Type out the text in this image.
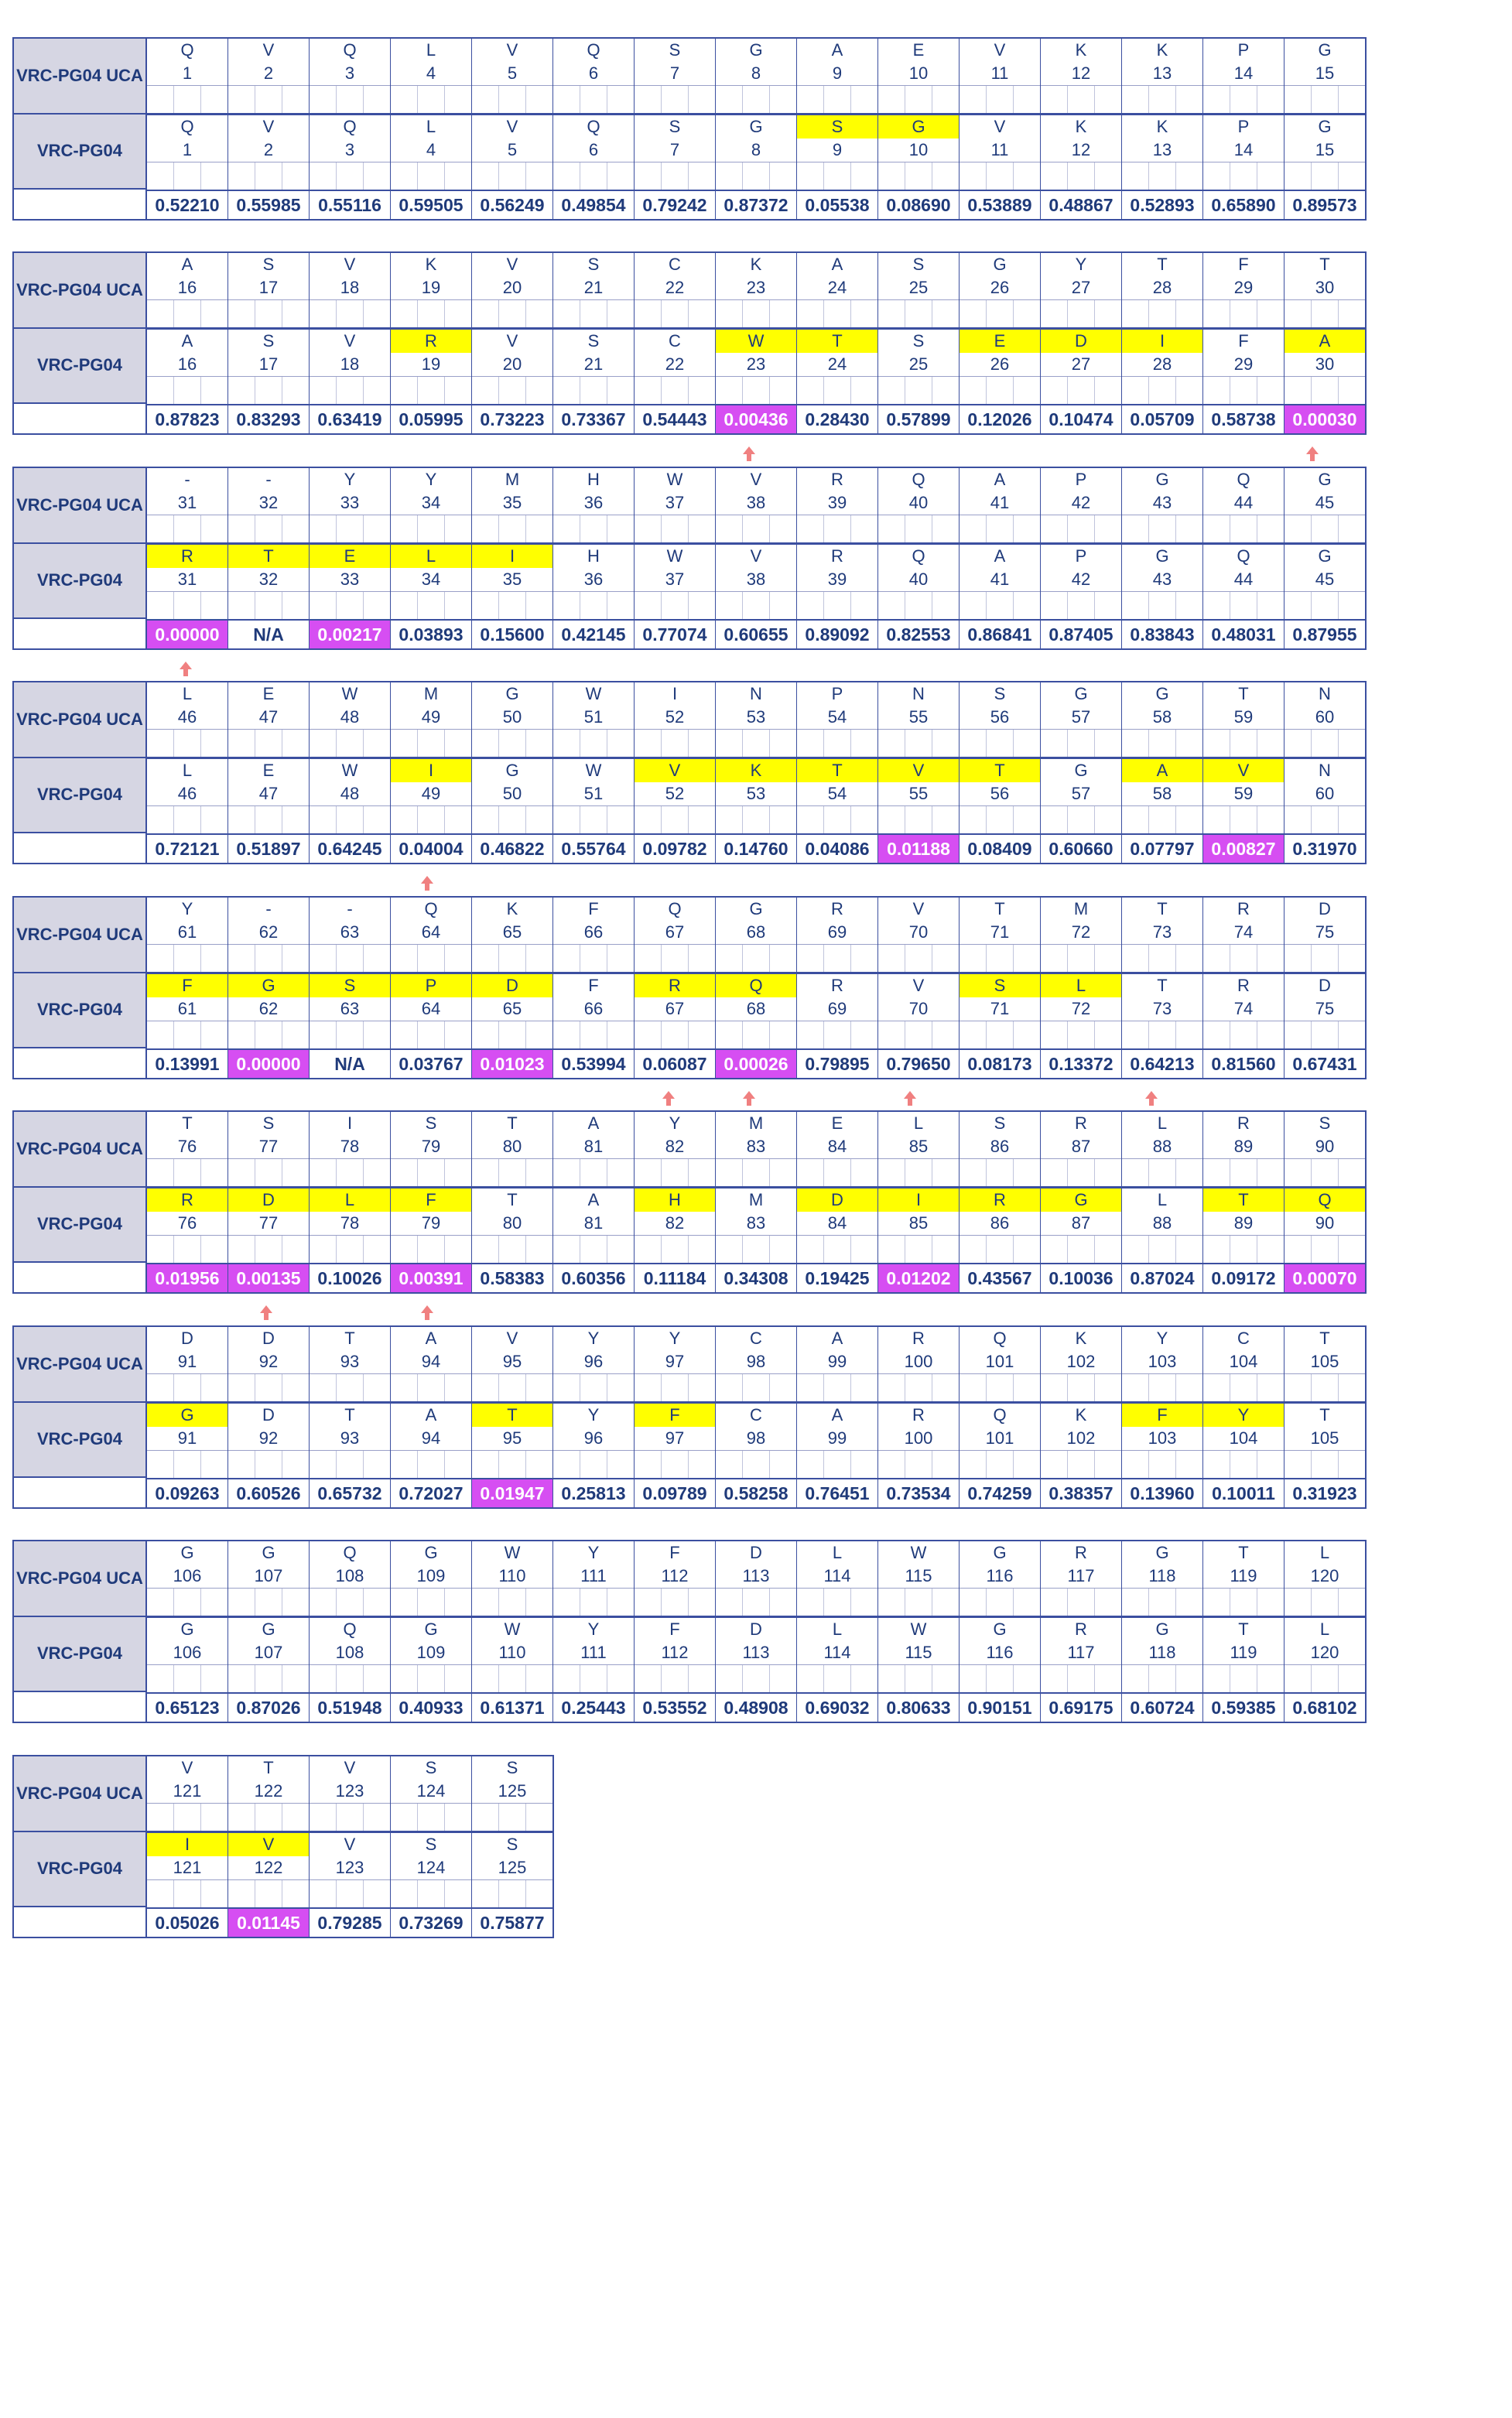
VRC-PG04 UCA
VRC-PG04
Q
1
Q
1
0.52210
V
2
V
2
0.55985
Q
3
Q
3
0.55116
L
4
L
4
0.59505
V
5
V
5
0.56249
Q
6
Q
6
0.49854
S
7
S
7
0.79242
G
8
G
8
0.87372
A
9
S
9
0.05538
E
10
G
10
0.08690
V
11
V
11
0.53889
K
12
K
12
0.48867
K
13
K
13
0.52893
P
14
P
14
0.65890
G
15
G
15
0.89573
VRC-PG04 UCA
VRC-PG04
A
16
A
16
0.87823
S
17
S
17
0.83293
V
18
V
18
0.63419
K
19
R
19
0.05995
V
20
V
20
0.73223
S
21
S
21
0.73367
C
22
C
22
0.54443
K
23
W
23
0.00436
A
24
T
24
0.28430
S
25
S
25
0.57899
G
26
E
26
0.12026
Y
27
D
27
0.10474
T
28
I
28
0.05709
F
29
F
29
0.58738
T
30
A
30
0.00030
VRC-PG04 UCA
VRC-PG04
-
31
R
31
0.00000
-
32
T
32
N/A
Y
33
E
33
0.00217
Y
34
L
34
0.03893
M
35
I
35
0.15600
H
36
H
36
0.42145
W
37
W
37
0.77074
V
38
V
38
0.60655
R
39
R
39
0.89092
Q
40
Q
40
0.82553
A
41
A
41
0.86841
P
42
P
42
0.87405
G
43
G
43
0.83843
Q
44
Q
44
0.48031
G
45
G
45
0.87955
VRC-PG04 UCA
VRC-PG04
L
46
L
46
0.72121
E
47
E
47
0.51897
W
48
W
48
0.64245
M
49
I
49
0.04004
G
50
G
50
0.46822
W
51
W
51
0.55764
I
52
V
52
0.09782
N
53
K
53
0.14760
P
54
T
54
0.04086
N
55
V
55
0.01188
S
56
T
56
0.08409
G
57
G
57
0.60660
G
58
A
58
0.07797
T
59
V
59
0.00827
N
60
N
60
0.31970
VRC-PG04 UCA
VRC-PG04
Y
61
F
61
0.13991
-
62
G
62
0.00000
-
63
S
63
N/A
Q
64
P
64
0.03767
K
65
D
65
0.01023
F
66
F
66
0.53994
Q
67
R
67
0.06087
G
68
Q
68
0.00026
R
69
R
69
0.79895
V
70
V
70
0.79650
T
71
S
71
0.08173
M
72
L
72
0.13372
T
73
T
73
0.64213
R
74
R
74
0.81560
D
75
D
75
0.67431
VRC-PG04 UCA
VRC-PG04
T
76
R
76
0.01956
S
77
D
77
0.00135
I
78
L
78
0.10026
S
79
F
79
0.00391
T
80
T
80
0.58383
A
81
A
81
0.60356
Y
82
H
82
0.11184
M
83
M
83
0.34308
E
84
D
84
0.19425
L
85
I
85
0.01202
S
86
R
86
0.43567
R
87
G
87
0.10036
L
88
L
88
0.87024
R
89
T
89
0.09172
S
90
Q
90
0.00070
VRC-PG04 UCA
VRC-PG04
D
91
G
91
0.09263
D
92
D
92
0.60526
T
93
T
93
0.65732
A
94
A
94
0.72027
V
95
T
95
0.01947
Y
96
Y
96
0.25813
Y
97
F
97
0.09789
C
98
C
98
0.58258
A
99
A
99
0.76451
R
100
R
100
0.73534
Q
101
Q
101
0.74259
K
102
K
102
0.38357
Y
103
F
103
0.13960
C
104
Y
104
0.10011
T
105
T
105
0.31923
VRC-PG04 UCA
VRC-PG04
G
106
G
106
0.65123
G
107
G
107
0.87026
Q
108
Q
108
0.51948
G
109
G
109
0.40933
W
110
W
110
0.61371
Y
111
Y
111
0.25443
F
112
F
112
0.53552
D
113
D
113
0.48908
L
114
L
114
0.69032
W
115
W
115
0.80633
G
116
G
116
0.90151
R
117
R
117
0.69175
G
118
G
118
0.60724
T
119
T
119
0.59385
L
120
L
120
0.68102
VRC-PG04 UCA
VRC-PG04
V
121
I
121
0.05026
T
122
V
122
0.01145
V
123
V
123
0.79285
S
124
S
124
0.73269
S
125
S
125
0.75877
